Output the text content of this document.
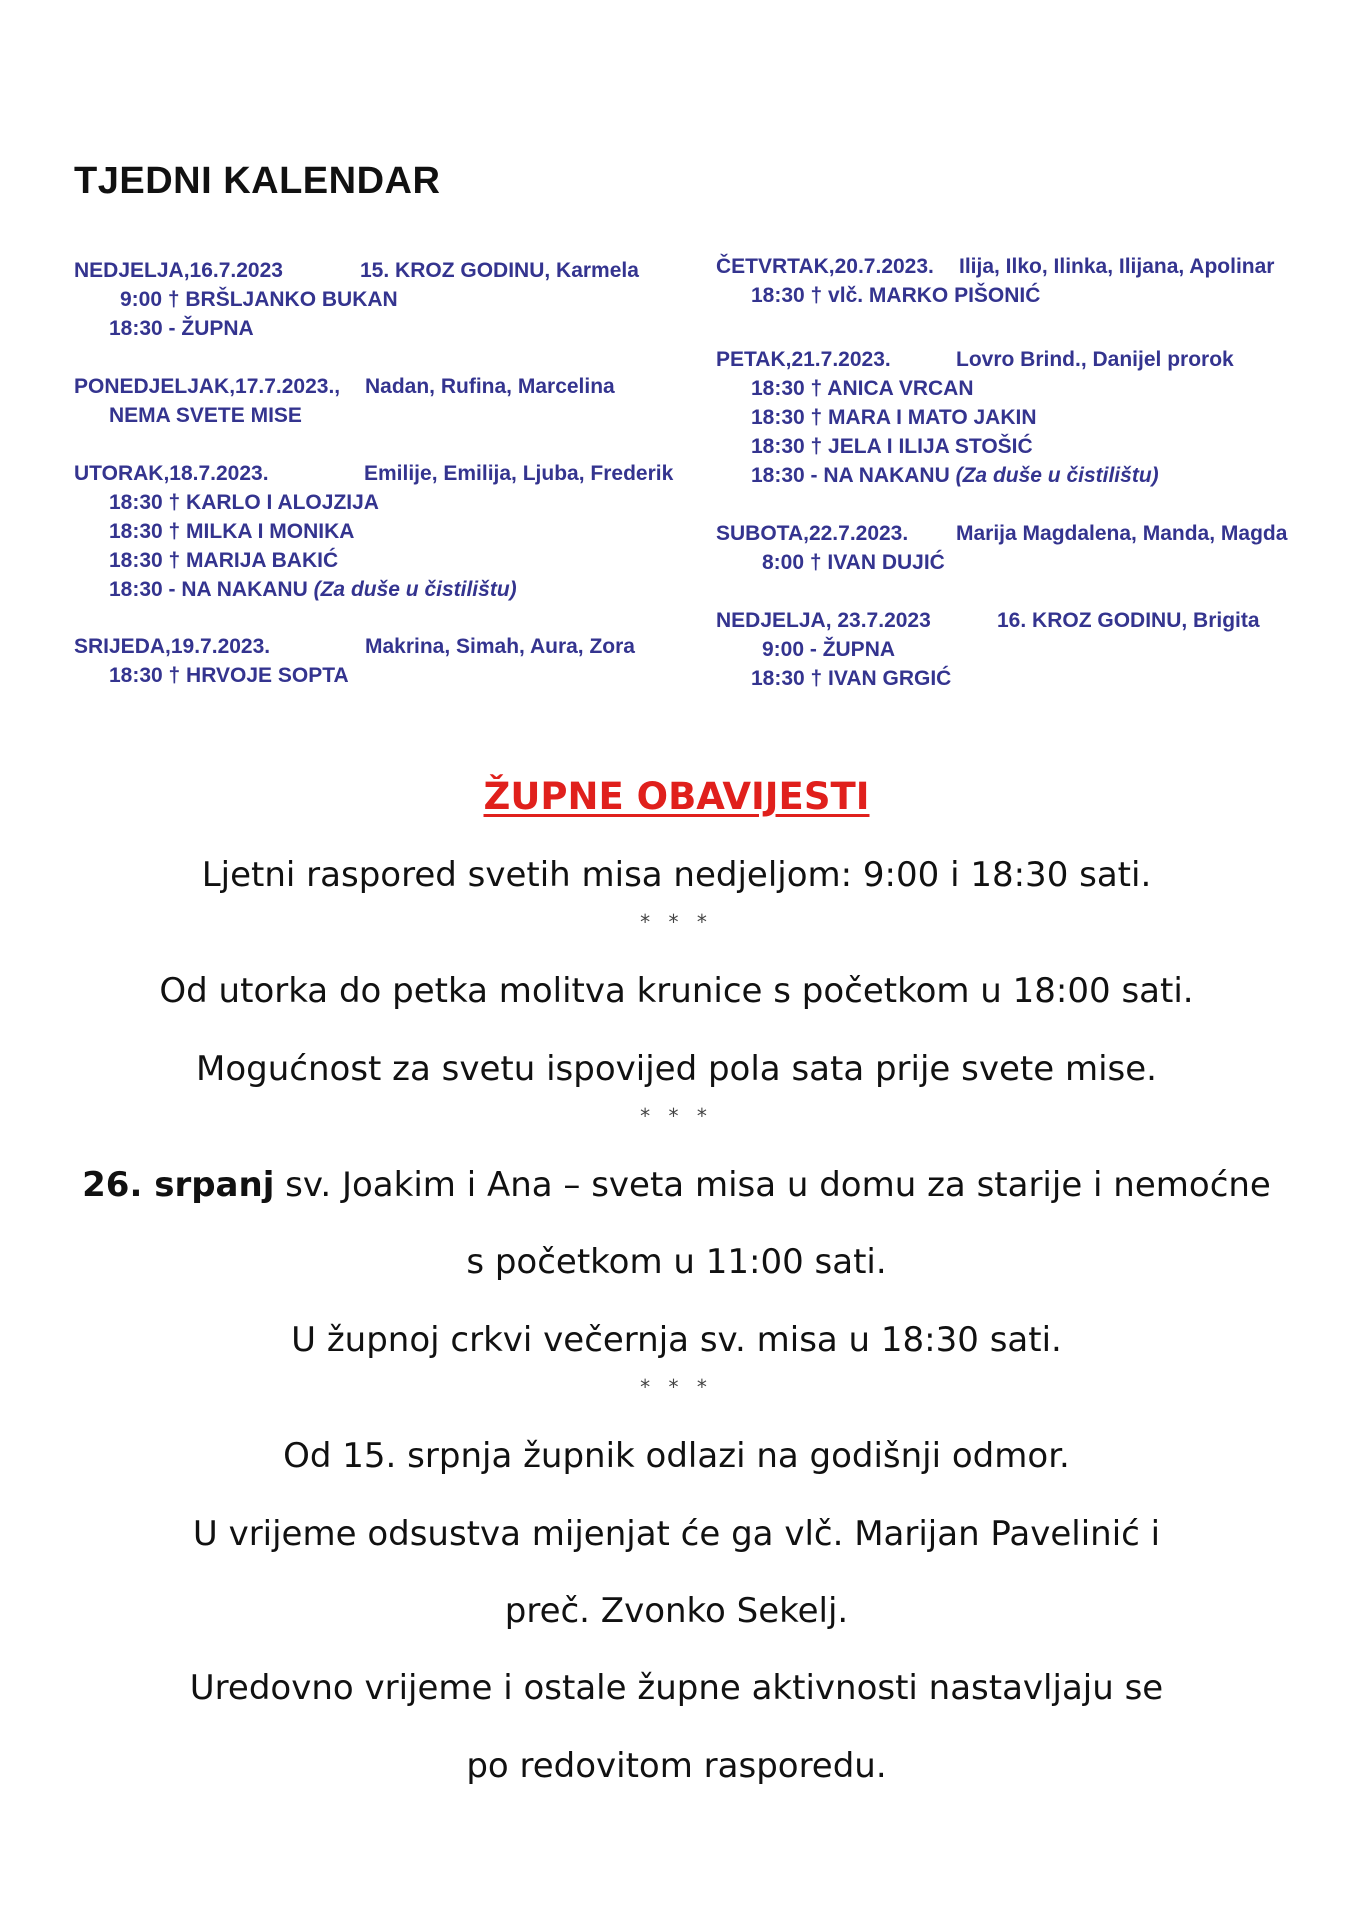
TJEDNI KALENDAR
NEDJELJA,16.7.2023	15. KROZ GODINU, Karmela
9:00 † BRŠLJANKO BUKAN
18:30 - ŽUPNA
PONEDJELJAK,17.7.2023., Nadan, Rufina, Marcelina
NEMA SVETE MISE
UTORAK,18.7.2023.	Emilije, Emilija, Ljuba, Frederik
18:30 † KARLO I ALOJZIJA
18:30 † MILKA I MONIKA
18:30 † MARIJA BAKIĆ
18:30 - NA NAKANU (Za duše u čistilištu)
SRIJEDA,19.7.2023.	Makrina, Simah, Aura, Zora
18:30 † HRVOJE SOPTA
ČETVRTAK,20.7.2023. Ilija, Ilko, Ilinka, Ilijana, Apolinar
18:30 † vlč. MARKO PIŠONIĆ
PETAK,21.7.2023.	Lovro Brind., Danijel prorok
18:30 † ANICA VRCAN
18:30 † MARA I MATO JAKIN
18:30 † JELA I ILIJA STOŠIĆ
18:30 - NA NAKANU (Za duše u čistilištu)
SUBOTA,22.7.2023. Marija Magdalena, Manda, Magda
8:00 † IVAN DUJIĆ
NEDJELJA, 23.7.2023	16. KROZ GODINU, Brigita
9:00 - ŽUPNA
18:30 † IVAN GRGIĆ
ŽUPNE OBAVIJESTI
Ljetni raspored svetih misa nedjeljom: 9:00 i 18:30 sati.
* * *
Od utorka do petka molitva krunice s početkom u 18:00 sati.
Mogućnost za svetu ispovijed pola sata prije svete mise.
* * *
26. srpanj sv. Joakim i Ana – sveta misa u domu za starije i nemoćne
s početkom u 11:00 sati.
U župnoj crkvi večernja sv. misa u 18:30 sati.
* * *
Od 15. srpnja župnik odlazi na godišnji odmor.
U vrijeme odsustva mijenjat će ga vlč. Marijan Pavelinić i
preč. Zvonko Sekelj.
Uredovno vrijeme i ostale župne aktivnosti nastavljaju se
po redovitom rasporedu.
